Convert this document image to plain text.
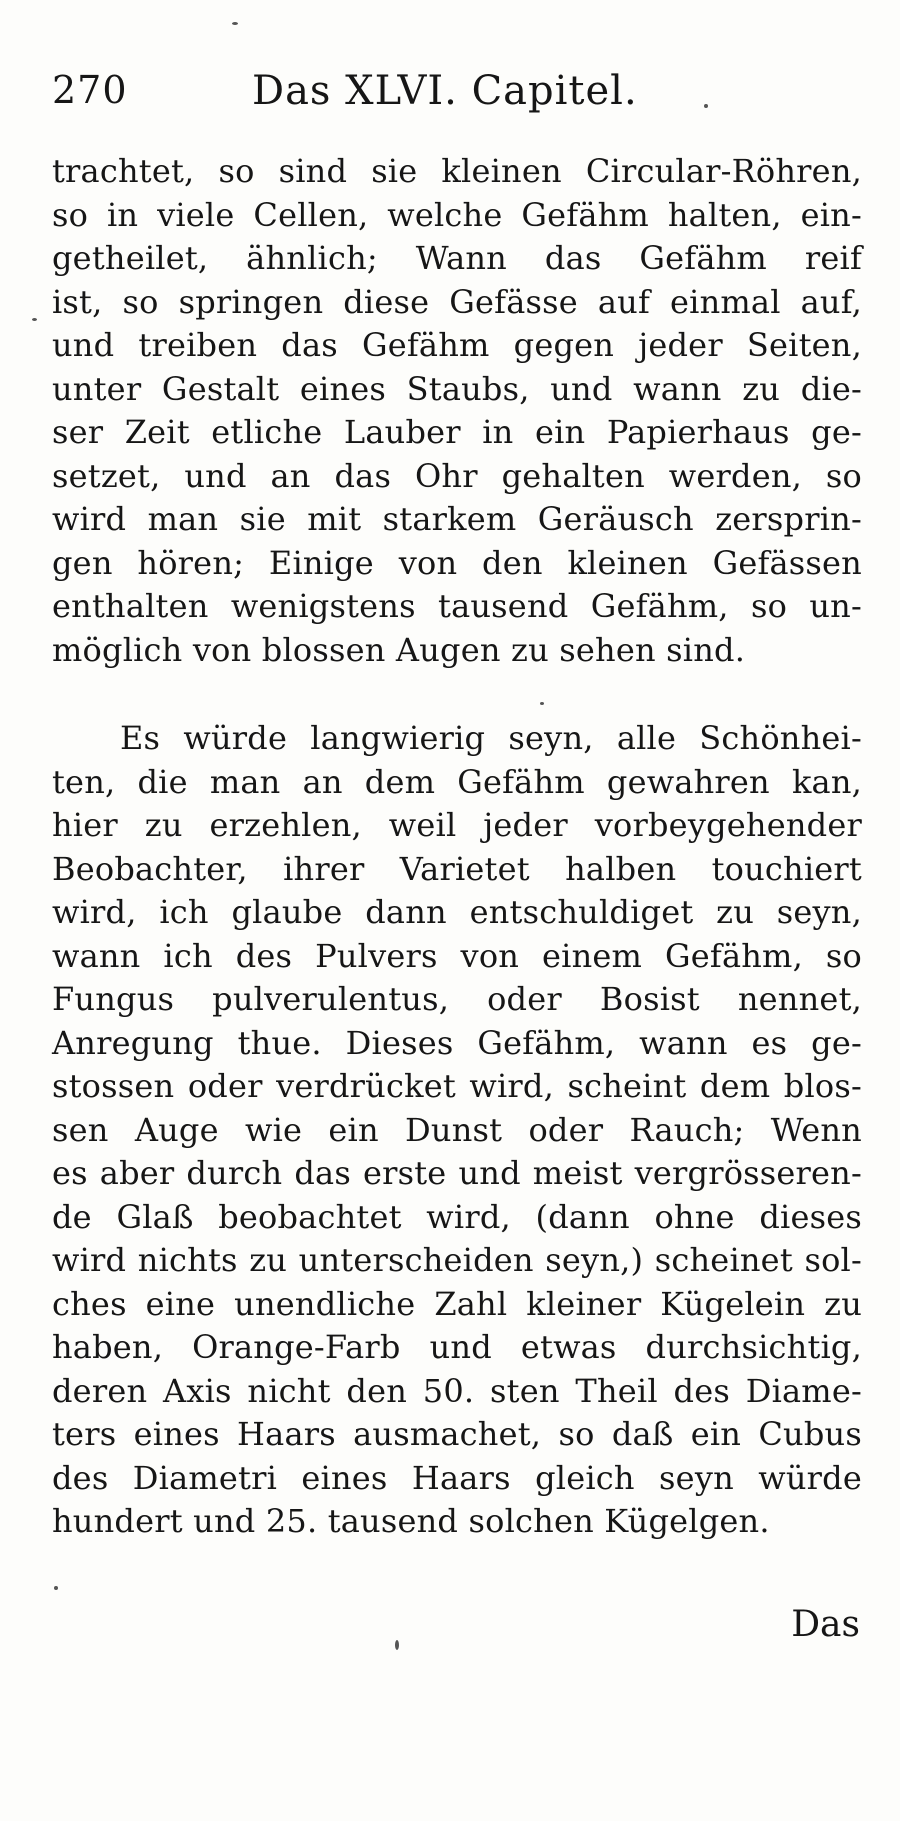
270	Das XLVI. Capitel.
trachtet, so sind sie kleinen Circular-Röhren,
so in viele Cellen, welche Gefähm halten, ein-
getheilet, ähnlich; Wann das Gefähm reif
ist, so springen diese Gefässe auf einmal auf,
und treiben das Gefähm gegen jeder Seiten,
unter Gestalt eines Staubs, und wann zu die-
ser Zeit etliche Lauber in ein Papierhaus ge-
setzet, und an das Ohr gehalten werden, so
wird man sie mit starkem Geräusch zersprin-
gen hören; Einige von den kleinen Gefässen
enthalten wenigstens tausend Gefähm, so un-
möglich von blossen Augen zu sehen sind.
Es würde langwierig seyn, alle Schönhei-
ten, die man an dem Gefähm gewahren kan,
hier zu erzehlen, weil jeder vorbeygehender
Beobachter, ihrer Varietet halben touchiert
wird, ich glaube dann entschuldiget zu seyn,
wann ich des Pulvers von einem Gefähm, so
Fungus pulverulentus, oder Bosist nennet,
Anregung thue. Dieses Gefähm, wann es ge-
stossen oder verdrücket wird, scheint dem blos-
sen Auge wie ein Dunst oder Rauch; Wenn
es aber durch das erste und meist vergrösseren-
de Glaß beobachtet wird, (dann ohne dieses
wird nichts zu unterscheiden seyn,) scheinet sol-
ches eine unendliche Zahl kleiner Kügelein zu
haben, Orange-Farb und etwas durchsichtig,
deren Axis nicht den 50. sten Theil des Diame-
ters eines Haars ausmachet, so daß ein Cubus
des Diametri eines Haars gleich seyn würde
hundert und 25. tausend solchen Kügelgen.
Das
